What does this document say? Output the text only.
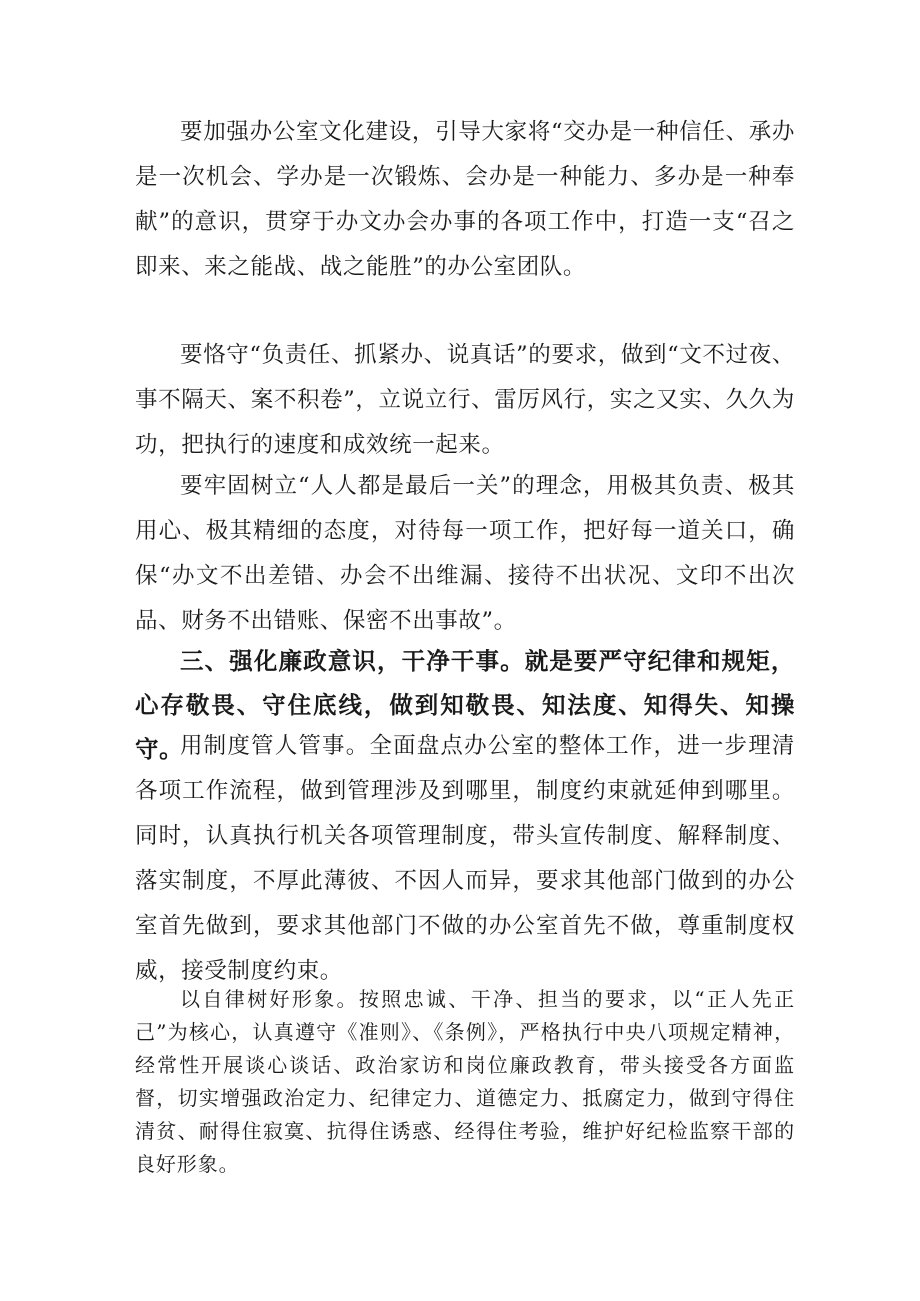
要加强办公室文化建设，引导大家将“交办是一种信任、承办是一次机会、学办是一次锻炼、会办是一种能力、多办是一种奉献”的意识，贯穿于办文办会办事的各项工作中，打造一支“召之即来、来之能战、战之能胜”的办公室团队。

要恪守“负责任、抓紧办、说真话”的要求，做到“文不过夜、事不隔天、案不积卷”，立说立行、雷厉风行，实之又实、久久为功，把执行的速度和成效统一起来。

要牢固树立“人人都是最后一关”的理念，用极其负责、极其用心、极其精细的态度，对待每一项工作，把好每一道关口，确保“办文不出差错、办会不出维漏、接待不出状况、文印不出次品、财务不出错账、保密不出事故”。

三、强化廉政意识，干净干事。就是要严守纪律和规矩，心存敬畏、守住底线，做到知敬畏、知法度、知得失、知操守。

用制度管人管事。全面盘点办公室的整体工作，进一步理清各项工作流程，做到管理涉及到哪里，制度约束就延伸到哪里。同时，认真执行机关各项管理制度，带头宣传制度、解释制度、落实制度，不厚此薄彼、不因人而异，要求其他部门做到的办公室首先做到，要求其他部门不做的办公室首先不做，尊重制度权威，接受制度约束。

以自律树好形象。按照忠诚、干净、担当的要求，以“正人先正己”为核心，认真遵守《准则》、《条例》，严格执行中央八项规定精神，经常性开展谈心谈话、政治家访和岗位廉政教育，带头接受各方面监督，切实增强政治定力、纪律定力、道德定力、抵腐定力，做到守得住清贫、耐得住寂寞、抗得住诱惑、经得住考验，维护好纪检监察干部的良好形象。
